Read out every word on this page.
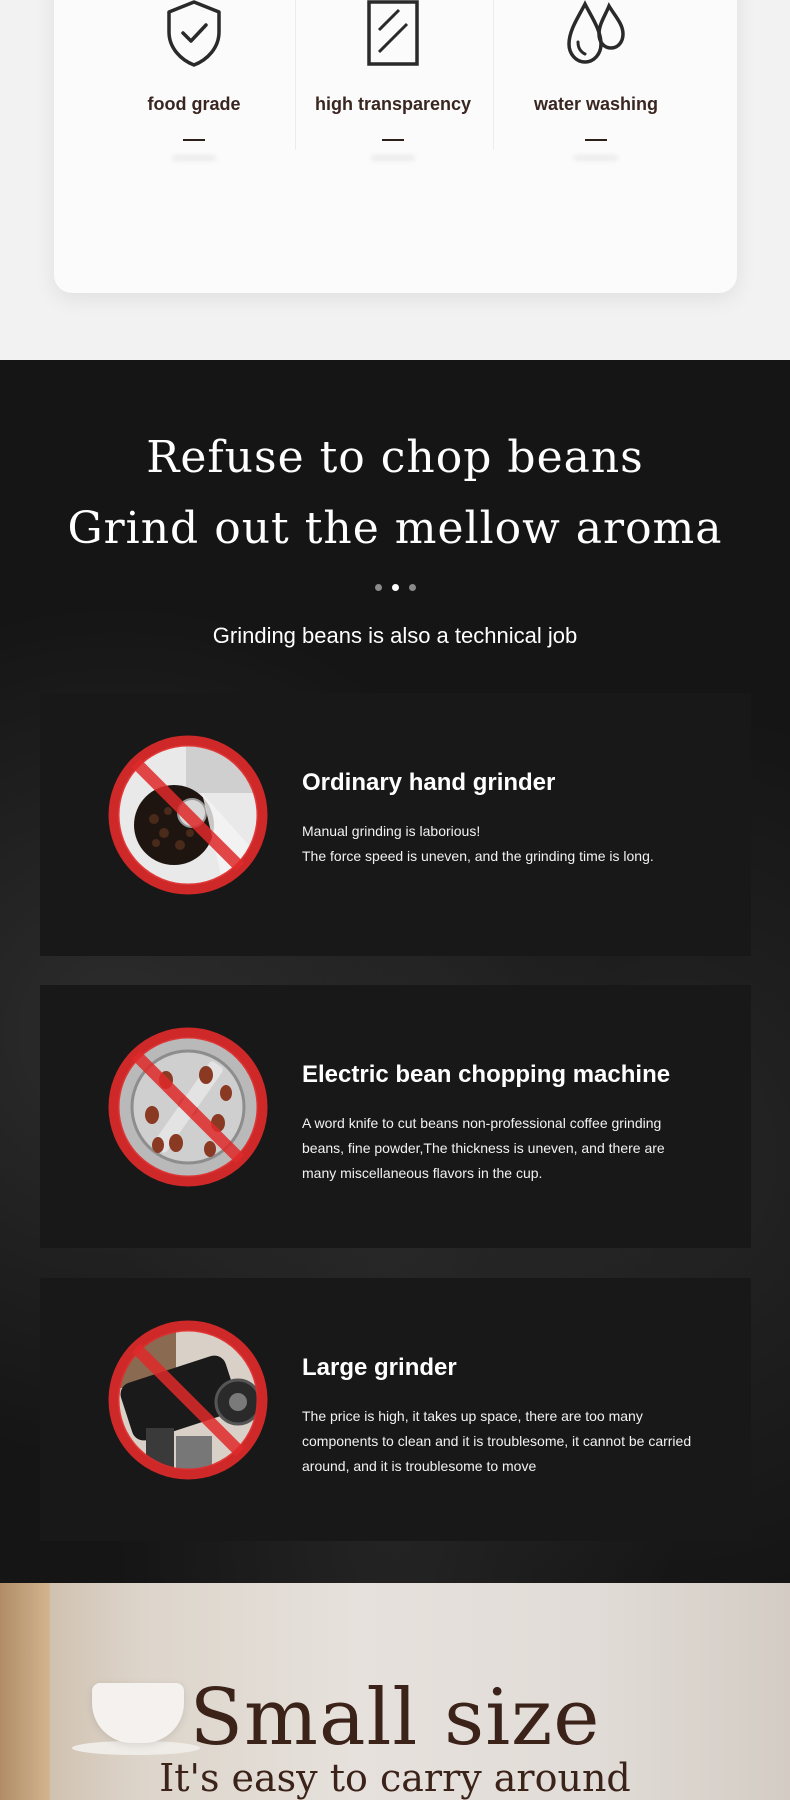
food grade	high transparency	water washing
Refuse to chop beans
Grind out the mellow aroma
Grinding beans is also a technical job
Ordinary hand grinder
Manual grinding is laborious!
The force speed is uneven, and the grinding time is long.
Electric bean chopping machine
A word knife to cut beans non-professional coffee grinding beans, fine powder,The thickness is uneven, and there are many miscellaneous flavors in the cup.
Large grinder
The price is high, it takes up space, there are too many components to clean and it is troublesome, it cannot be carried around, and it is troublesome to move
Small size
It's easy to carry around
